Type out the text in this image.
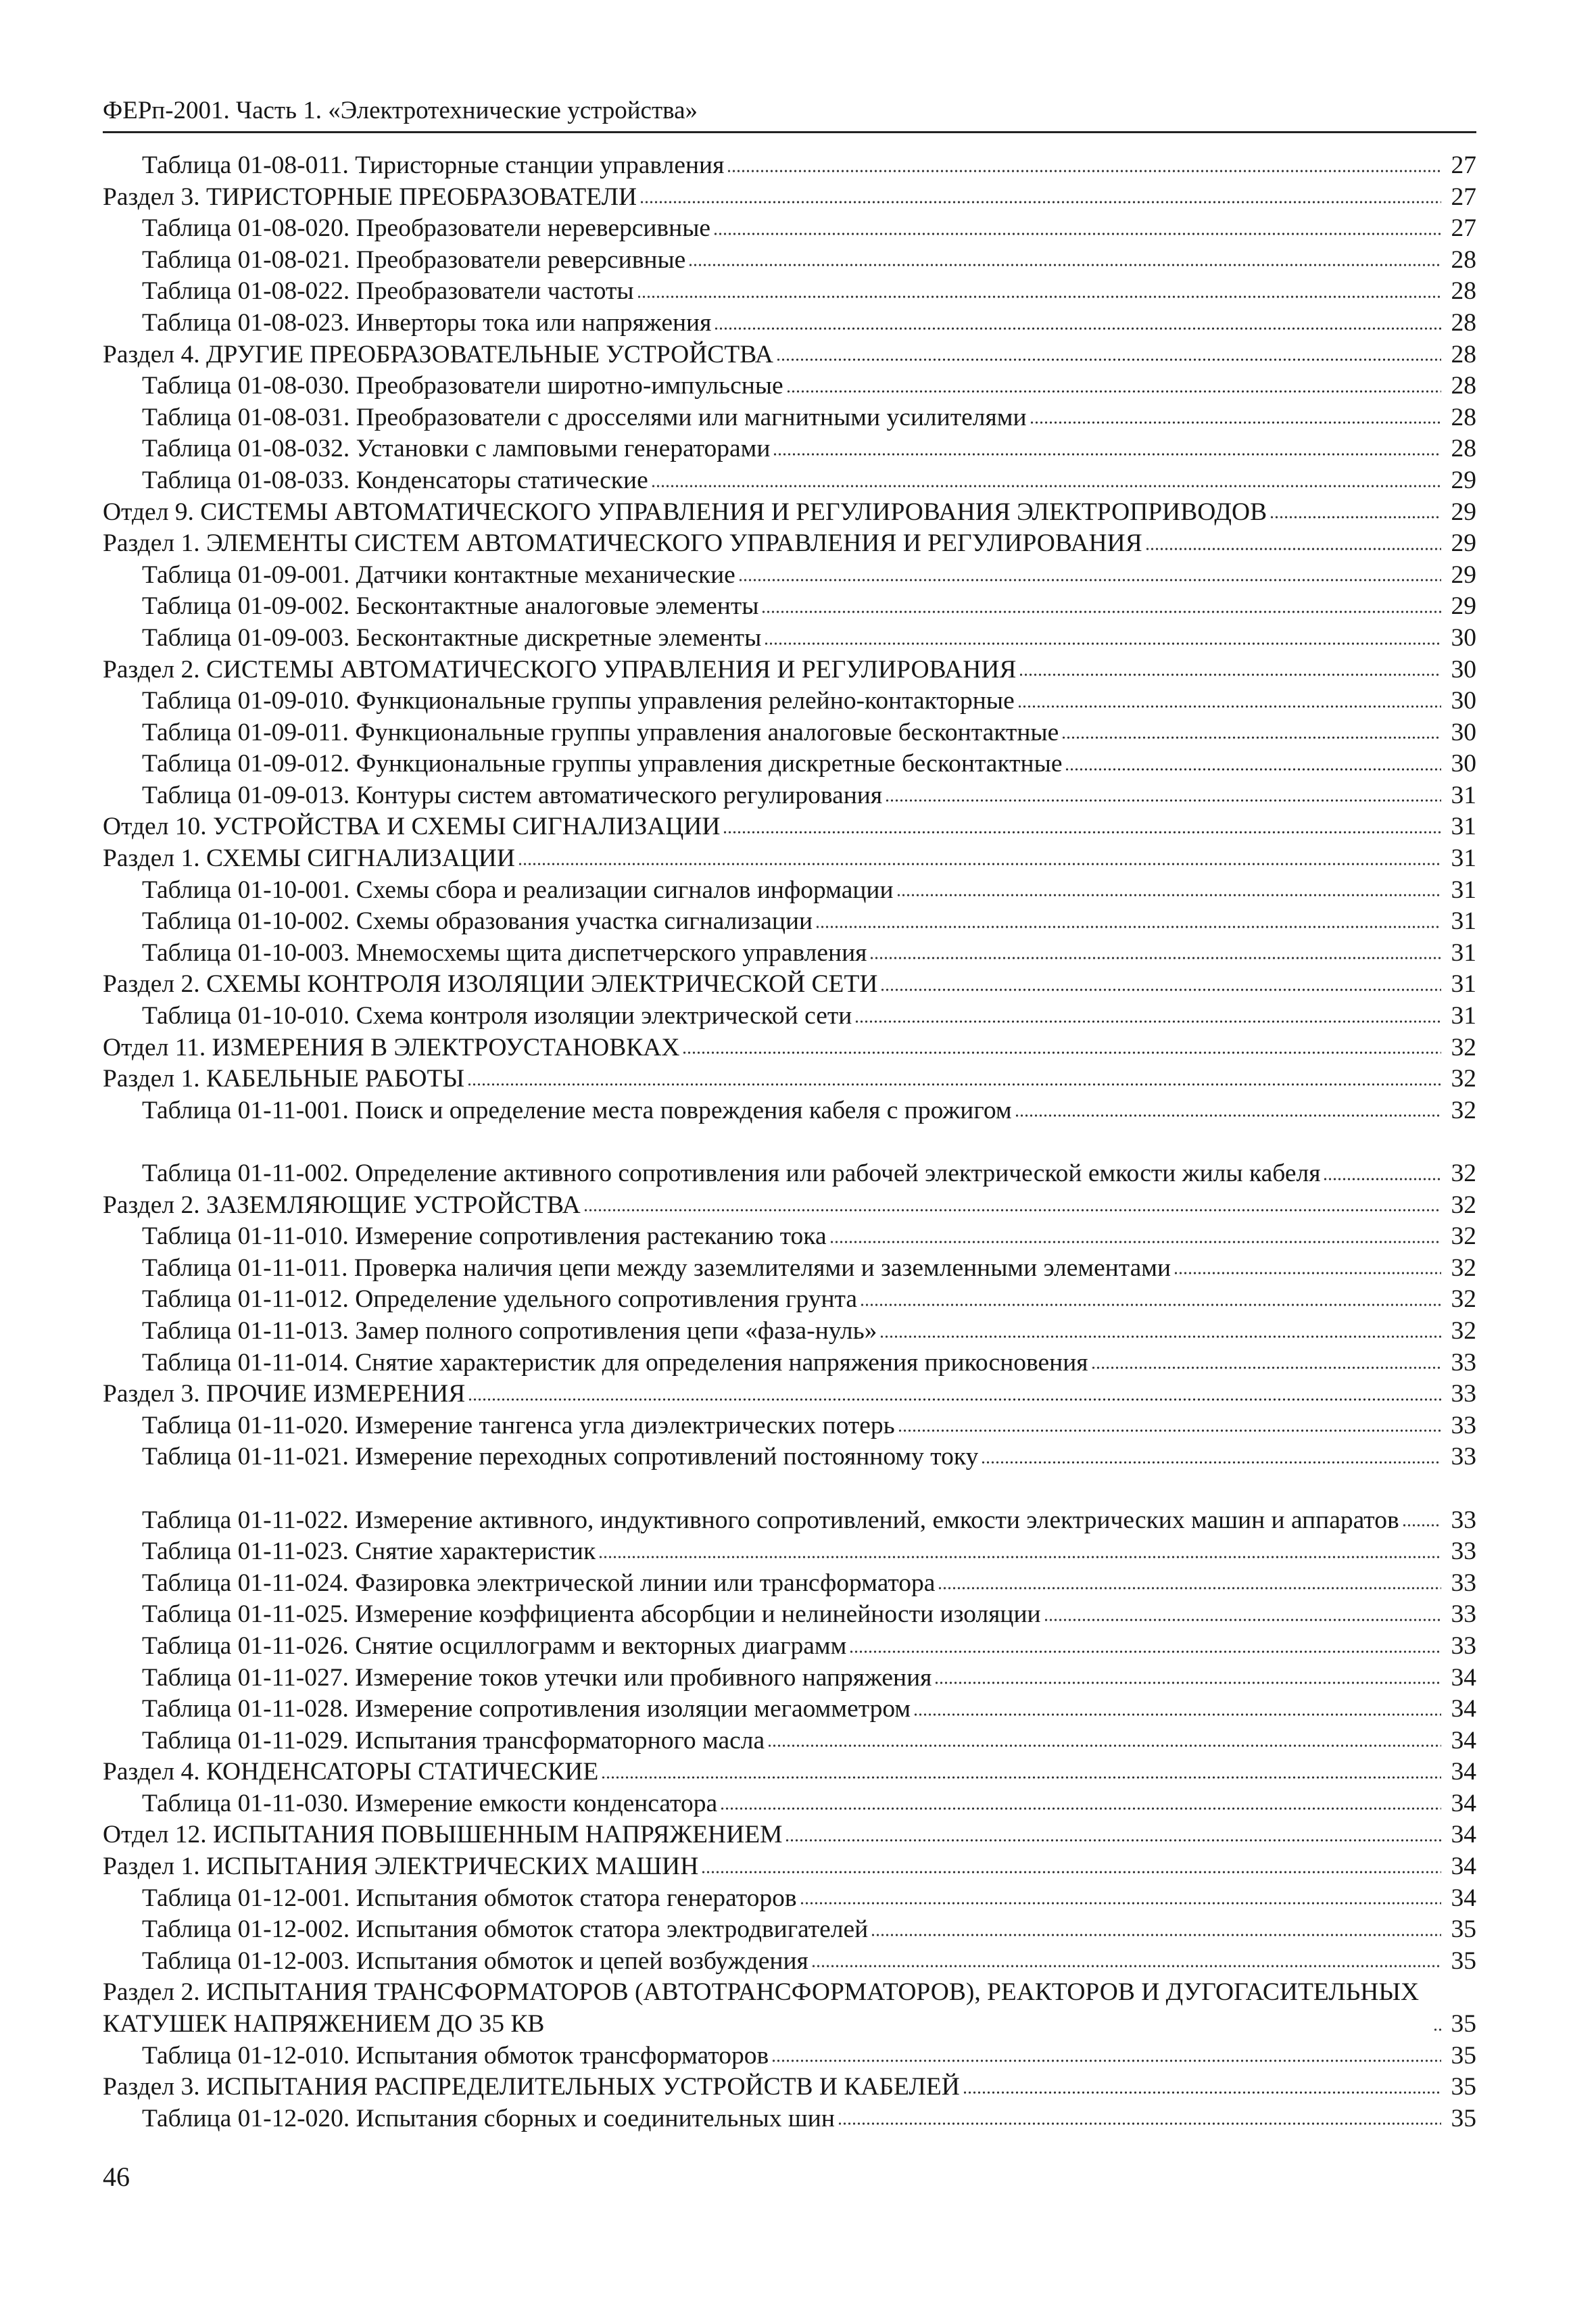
ФЕРп-2001. Часть 1. «Электротехнические устройства»
Таблица 01-08-011. Тиристорные станции управления	27
Раздел 3. ТИРИСТОРНЫЕ ПРЕОБРАЗОВАТЕЛИ	27
Таблица 01-08-020. Преобразователи нереверсивные	27
Таблица 01-08-021. Преобразователи реверсивные	28
Таблица 01-08-022. Преобразователи частоты	28
Таблица 01-08-023. Инверторы тока или напряжения	28
Раздел 4. ДРУГИЕ ПРЕОБРАЗОВАТЕЛЬНЫЕ УСТРОЙСТВА	28
Таблица 01-08-030. Преобразователи широтно-импульсные	28
Таблица 01-08-031. Преобразователи с дросселями или магнитными усилителями	28
Таблица 01-08-032. Установки с ламповыми генераторами	28
Таблица 01-08-033. Конденсаторы статические	29
Отдел 9. СИСТЕМЫ АВТОМАТИЧЕСКОГО УПРАВЛЕНИЯ И РЕГУЛИРОВАНИЯ ЭЛЕКТРОПРИВОДОВ	29
Раздел 1. ЭЛЕМЕНТЫ СИСТЕМ АВТОМАТИЧЕСКОГО УПРАВЛЕНИЯ И РЕГУЛИРОВАНИЯ	29
Таблица 01-09-001. Датчики контактные механические	29
Таблица 01-09-002. Бесконтактные аналоговые элементы	29
Таблица 01-09-003. Бесконтактные дискретные элементы	30
Раздел 2. СИСТЕМЫ АВТОМАТИЧЕСКОГО УПРАВЛЕНИЯ И РЕГУЛИРОВАНИЯ	30
Таблица 01-09-010. Функциональные группы управления релейно-контакторные	30
Таблица 01-09-011. Функциональные группы управления аналоговые бесконтактные	30
Таблица 01-09-012. Функциональные группы управления дискретные бесконтактные	30
Таблица 01-09-013. Контуры систем автоматического регулирования	31
Отдел 10. УСТРОЙСТВА И СХЕМЫ СИГНАЛИЗАЦИИ	31
Раздел 1. СХЕМЫ СИГНАЛИЗАЦИИ	31
Таблица 01-10-001. Схемы сбора и реализации сигналов информации	31
Таблица 01-10-002. Схемы образования участка сигнализации	31
Таблица 01-10-003. Мнемосхемы щита диспетчерского управления	31
Раздел 2. СХЕМЫ КОНТРОЛЯ ИЗОЛЯЦИИ ЭЛЕКТРИЧЕСКОЙ СЕТИ	31
Таблица 01-10-010. Схема контроля изоляции электрической сети	31
Отдел 11. ИЗМЕРЕНИЯ В ЭЛЕКТРОУСТАНОВКАХ	32
Раздел 1. КАБЕЛЬНЫЕ РАБОТЫ	32
Таблица 01-11-001. Поиск и определение места повреждения кабеля с прожигом	32
Таблица 01-11-002. Определение активного сопротивления или рабочей электрической емкости жилы кабеля	32
Раздел 2. ЗАЗЕМЛЯЮЩИЕ УСТРОЙСТВА	32
Таблица 01-11-010. Измерение сопротивления растеканию тока	32
Таблица 01-11-011. Проверка наличия цепи между заземлителями и заземленными элементами	32
Таблица 01-11-012. Определение удельного сопротивления грунта	32
Таблица 01-11-013. Замер полного сопротивления цепи «фаза-нуль»	32
Таблица 01-11-014. Снятие характеристик для определения напряжения прикосновения	33
Раздел 3. ПРОЧИЕ ИЗМЕРЕНИЯ	33
Таблица 01-11-020. Измерение тангенса угла диэлектрических потерь	33
Таблица 01-11-021. Измерение переходных сопротивлений постоянному току	33
Таблица 01-11-022. Измерение активного, индуктивного сопротивлений, емкости электрических машин и аппаратов 33
Таблица 01-11-023. Снятие характеристик	33
Таблица 01-11-024. Фазировка электрической линии или трансформатора	33
Таблица 01-11-025. Измерение коэффициента абсорбции и нелинейности изоляции	33
Таблица 01-11-026. Снятие осциллограмм и векторных диаграмм	33
Таблица 01-11-027. Измерение токов утечки или пробивного напряжения	34
Таблица 01-11-028. Измерение сопротивления изоляции мегаомметром	34
Таблица 01-11-029. Испытания трансформаторного масла	34
Раздел 4. КОНДЕНСАТОРЫ СТАТИЧЕСКИЕ	34
Таблица 01-11-030. Измерение емкости конденсатора	34
Отдел 12. ИСПЫТАНИЯ ПОВЫШЕННЫМ НАПРЯЖЕНИЕМ	34
Раздел 1. ИСПЫТАНИЯ ЭЛЕКТРИЧЕСКИХ МАШИН	34
Таблица 01-12-001. Испытания обмоток статора генераторов	34
Таблица 01-12-002. Испытания обмоток статора электродвигателей	35
Таблица 01-12-003. Испытания обмоток и цепей возбуждения	35
Раздел 2. ИСПЫТАНИЯ ТРАНСФОРМАТОРОВ (АВТОТРАНСФОРМАТОРОВ), РЕАКТОРОВ И ДУГОГАСИТЕЛЬНЫХ КАТУШЕК НАПРЯЖЕНИЕМ ДО 35 КВ	35
Таблица 01-12-010. Испытания обмоток трансформаторов	35
Раздел 3. ИСПЫТАНИЯ РАСПРЕДЕЛИТЕЛЬНЫХ УСТРОЙСТВ И КАБЕЛЕЙ	35
Таблица 01-12-020. Испытания сборных и соединительных шин	35
46
